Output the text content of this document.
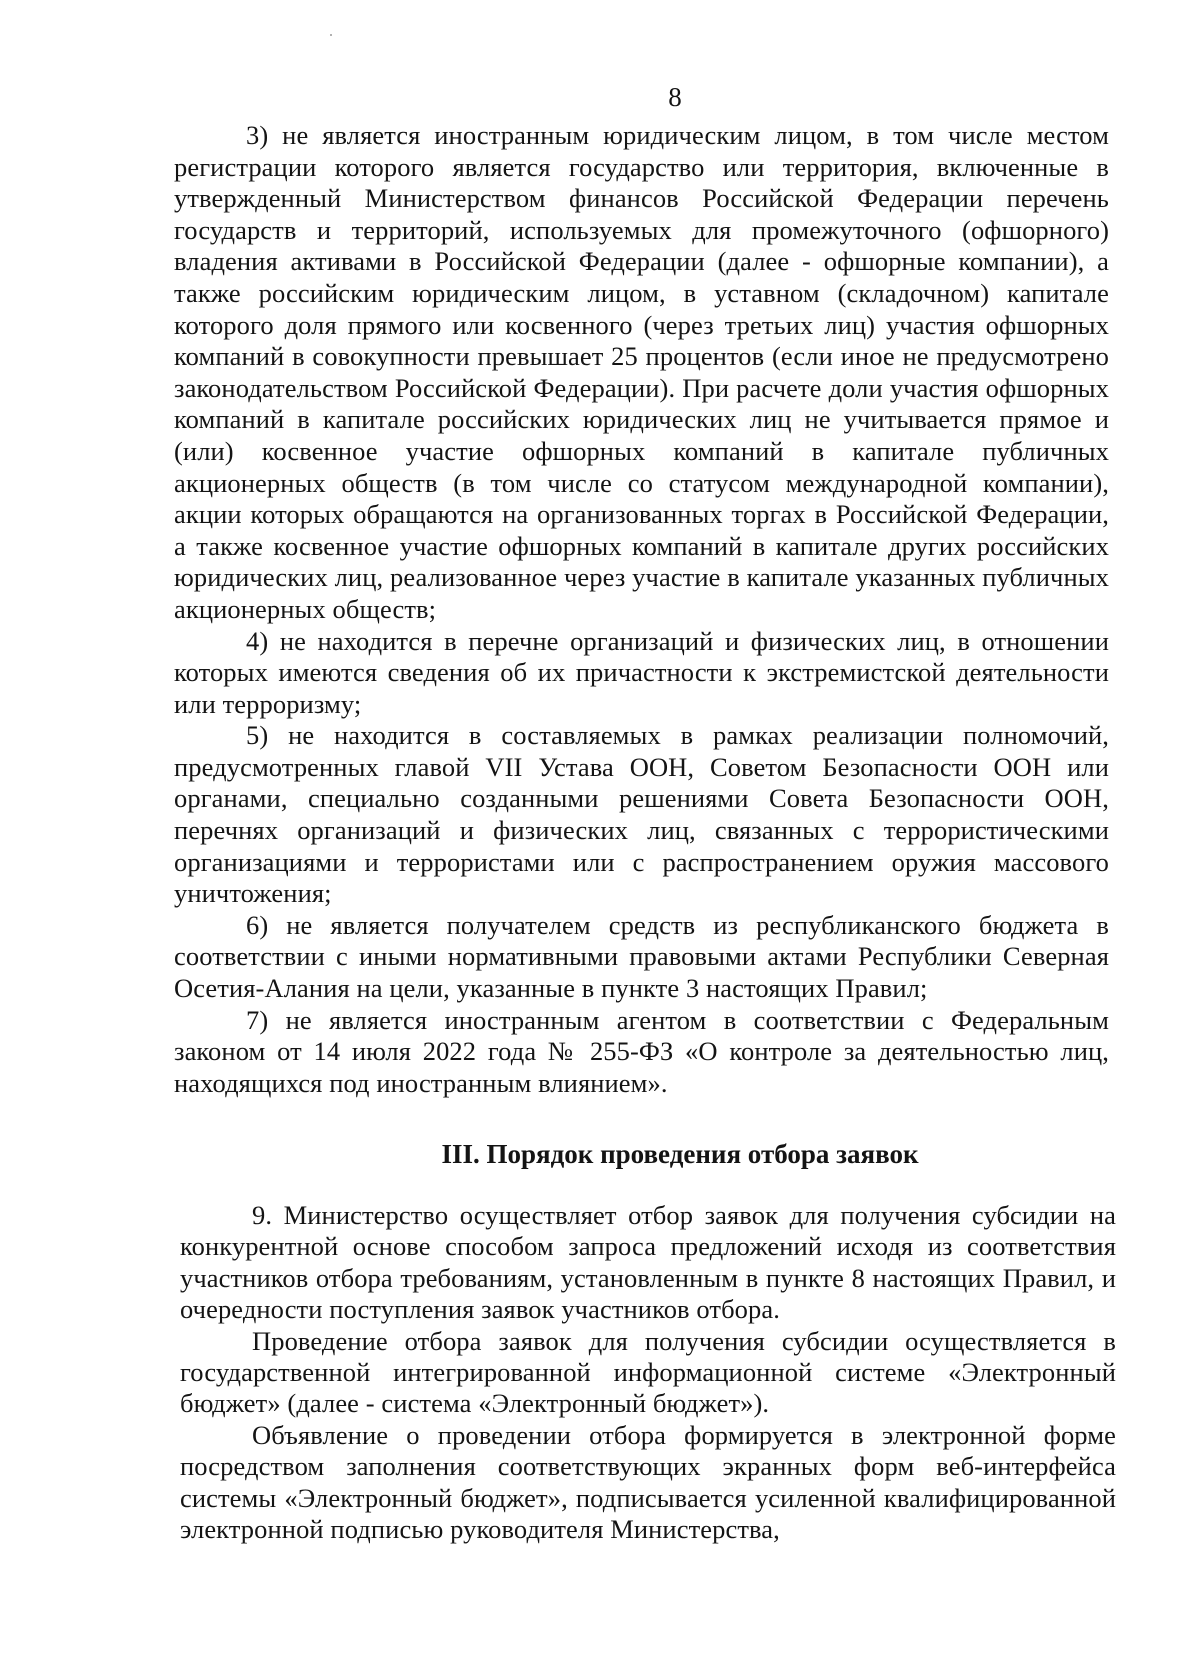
8

3) не является иностранным юридическим лицом, в том числе местом регистрации которого является государство или территория, включенные в утвержденный Министерством финансов Российской Федерации перечень государств и территорий, используемых для промежуточного (офшорного) владения активами в Российской Федерации (далее - офшорные компании), а также российским юридическим лицом, в уставном (складочном) капитале которого доля прямого или косвенного (через третьих лиц) участия офшорных компаний в совокупности превышает 25 процентов (если иное не предусмотрено законодательством Российской Федерации). При расчете доли участия офшорных компаний в капитале российских юридических лиц не учитывается прямое и (или) косвенное участие офшорных компаний в капитале публичных акционерных обществ (в том числе со статусом международной компании), акции которых обращаются на организованных торгах в Российской Федерации, а также косвенное участие офшорных компаний в капитале других российских юридических лиц, реализованное через участие в капитале указанных публичных акционерных обществ;

4) не находится в перечне организаций и физических лиц, в отношении которых имеются сведения об их причастности к экстремистской деятельности или терроризму;

5) не находится в составляемых в рамках реализации полномочий, предусмотренных главой VII Устава ООН, Советом Безопасности ООН или органами, специально созданными решениями Совета Безопасности ООН, перечнях организаций и физических лиц, связанных с террористическими организациями и террористами или с распространением оружия массового уничтожения;

6) не является получателем средств из республиканского бюджета в соответствии с иными нормативными правовыми актами Республики Северная Осетия-Алания на цели, указанные в пункте 3 настоящих Правил;

7) не является иностранным агентом в соответствии с Федеральным законом от 14 июля 2022 года № 255-ФЗ «О контроле за деятельностью лиц, находящихся под иностранным влиянием».

III. Порядок проведения отбора заявок

9. Министерство осуществляет отбор заявок для получения субсидии на конкурентной основе способом запроса предложений исходя из соответствия участников отбора требованиям, установленным в пункте 8 настоящих Правил, и очередности поступления заявок участников отбора.

Проведение отбора заявок для получения субсидии осуществляется в государственной интегрированной информационной системе «Электронный бюджет» (далее - система «Электронный бюджет»).

Объявление о проведении отбора формируется в электронной форме посредством заполнения соответствующих экранных форм веб-интерфейса системы «Электронный бюджет», подписывается усиленной квалифицированной электронной подписью руководителя Министерства,
